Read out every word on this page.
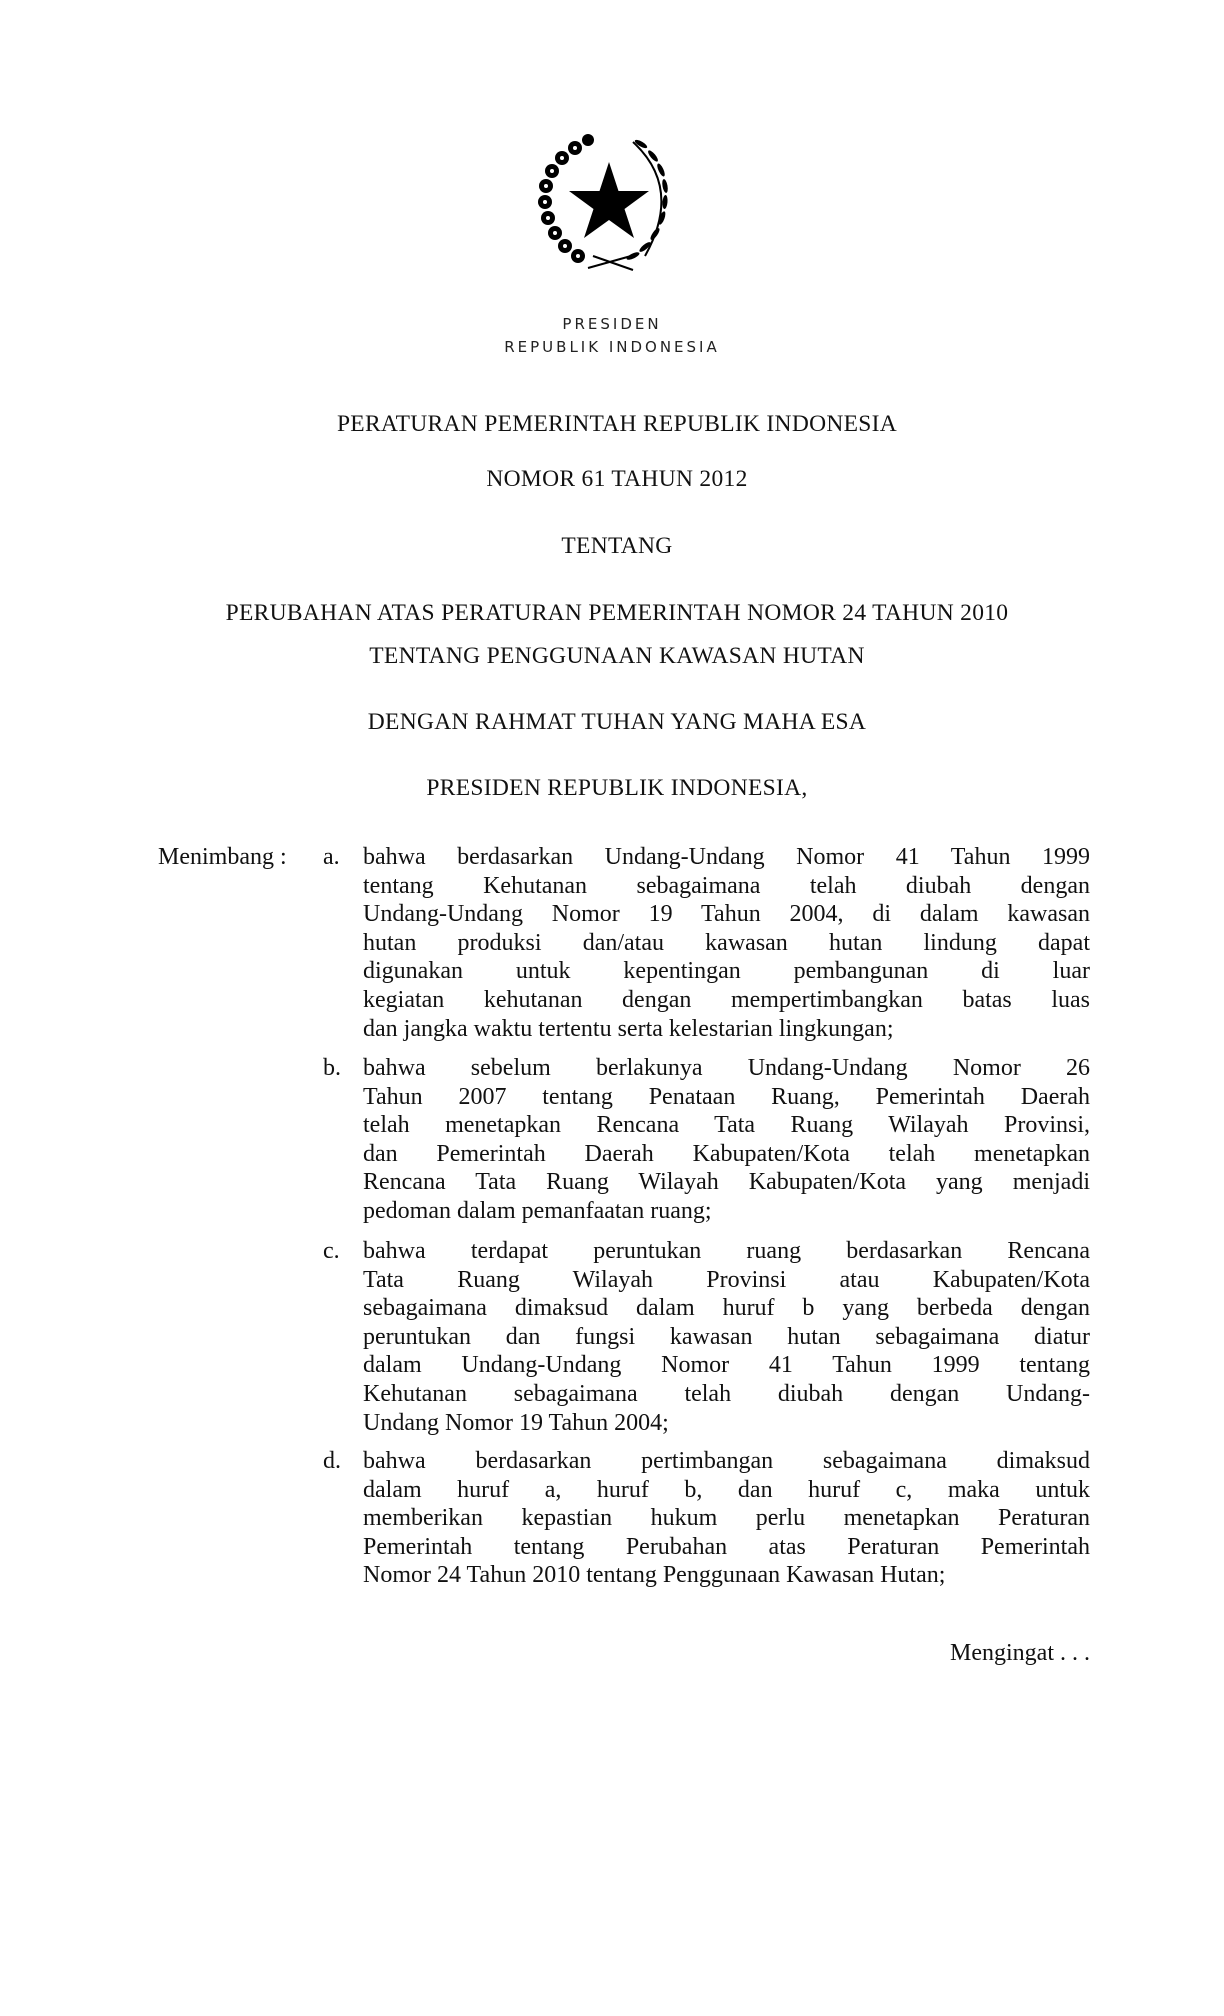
PRESIDEN
REPUBLIK INDONESIA
PERATURAN PEMERINTAH REPUBLIK INDONESIA
NOMOR 61 TAHUN 2012
TENTANG
PERUBAHAN ATAS PERATURAN PEMERINTAH NOMOR 24 TAHUN 2010
TENTANG PENGGUNAAN KAWASAN HUTAN
DENGAN RAHMAT TUHAN YANG MAHA ESA
PRESIDEN REPUBLIK INDONESIA,
Menimbang : a. bahwa berdasarkan Undang-Undang Nomor 41 Tahun 1999
tentang Kehutanan sebagaimana telah diubah dengan
Undang-Undang Nomor 19 Tahun 2004, di dalam kawasan
hutan produksi dan/atau kawasan hutan lindung dapat
digunakan untuk kepentingan pembangunan di luar
kegiatan kehutanan dengan mempertimbangkan batas luas
dan jangka waktu tertentu serta kelestarian lingkungan;
b. bahwa sebelum berlakunya Undang-Undang Nomor 26
Tahun 2007 tentang Penataan Ruang, Pemerintah Daerah
telah menetapkan Rencana Tata Ruang Wilayah Provinsi,
dan Pemerintah Daerah Kabupaten/Kota telah menetapkan
Rencana Tata Ruang Wilayah Kabupaten/Kota yang menjadi
pedoman dalam pemanfaatan ruang;
c. bahwa terdapat peruntukan ruang berdasarkan Rencana
Tata Ruang Wilayah Provinsi atau Kabupaten/Kota
sebagaimana dimaksud dalam huruf b yang berbeda dengan
peruntukan dan fungsi kawasan hutan sebagaimana diatur
dalam Undang-Undang Nomor 41 Tahun 1999 tentang
Kehutanan sebagaimana telah diubah dengan Undang-
Undang Nomor 19 Tahun 2004;
d. bahwa berdasarkan pertimbangan sebagaimana dimaksud
dalam huruf a, huruf b, dan huruf c, maka untuk
memberikan kepastian hukum perlu menetapkan Peraturan
Pemerintah tentang Perubahan atas Peraturan Pemerintah
Nomor 24 Tahun 2010 tentang Penggunaan Kawasan Hutan;
Mengingat . . .
